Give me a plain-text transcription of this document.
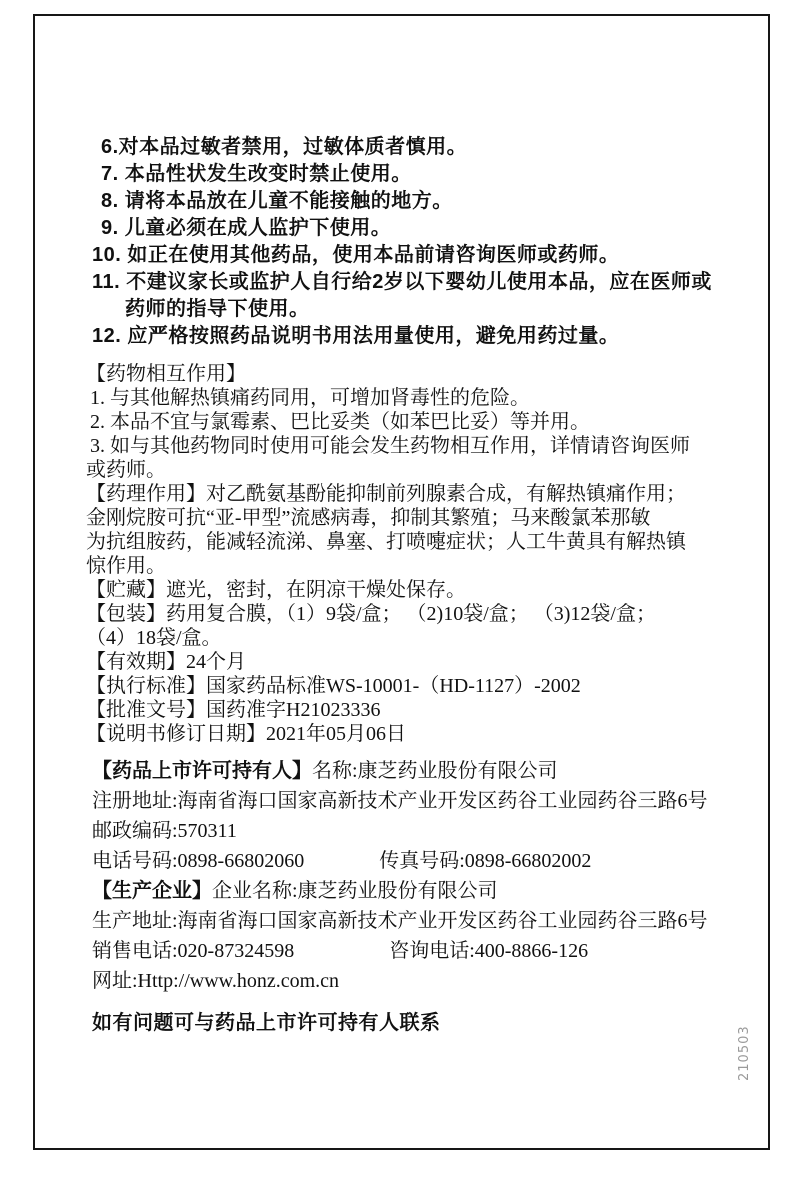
6.对本品过敏者禁用，过敏体质者慎用。
7. 本品性状发生改变时禁止使用。
8. 请将本品放在儿童不能接触的地方。
9. 儿童必须在成人监护下使用。
10. 如正在使用其他药品，使用本品前请咨询医师或药师。
11. 不建议家长或监护人自行给2岁以下婴幼儿使用本品，应在医师或
药师的指导下使用。
12. 应严格按照药品说明书用法用量使用，避免用药过量。
【药物相互作用】
1. 与其他解热镇痛药同用，可增加肾毒性的危险。
2. 本品不宜与氯霉素、巴比妥类（如苯巴比妥）等并用。
3. 如与其他药物同时使用可能会发生药物相互作用，详情请咨询医师
或药师。
【药理作用】对乙酰氨基酚能抑制前列腺素合成，有解热镇痛作用；
金刚烷胺可抗“亚-甲型”流感病毒，抑制其繁殖；马来酸氯苯那敏
为抗组胺药，能减轻流涕、鼻塞、打喷嚏症状；人工牛黄具有解热镇
惊作用。
【贮藏】遮光，密封，在阴凉干燥处保存。
【包装】药用复合膜，（1）9袋/盒； （2)10袋/盒； （3)12袋/盒；
（4）18袋/盒。
【有效期】24个月
【执行标准】国家药品标准WS-10001-（HD-1127）-2002
【批准文号】国药准字H21023336
【说明书修订日期】2021年05月06日
【药品上市许可持有人】名称:康芝药业股份有限公司
注册地址:海南省海口国家高新技术产业开发区药谷工业园药谷三路6号
邮政编码:570311
电话号码:0898-66802060	传真号码:0898-66802002
【生产企业】企业名称:康芝药业股份有限公司
生产地址:海南省海口国家高新技术产业开发区药谷工业园药谷三路6号
销售电话:020-87324598	咨询电话:400-8866-126
网址:Http://www.honz.com.cn
如有问题可与药品上市许可持有人联系
210503
